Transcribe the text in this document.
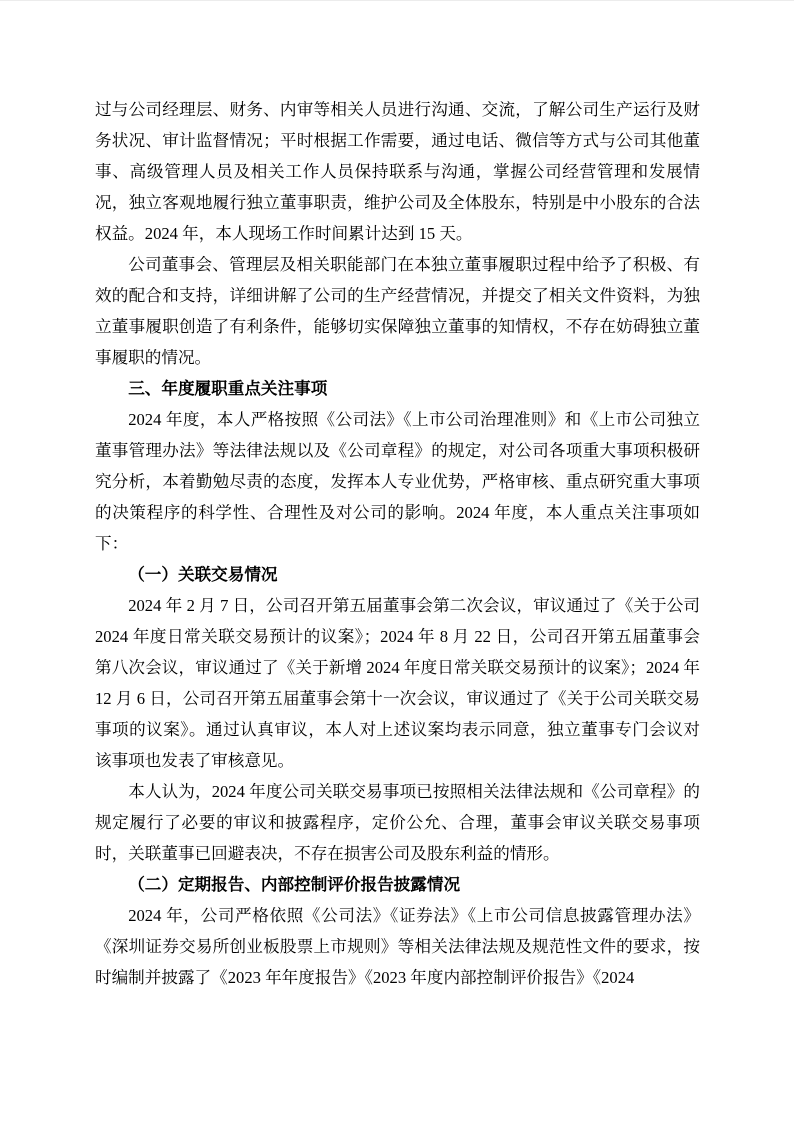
过与公司经理层、财务、内审等相关人员进行沟通、交流，了解公司生产运行及财务状况、审计监督情况；平时根据工作需要，通过电话、微信等方式与公司其他董事、高级管理人员及相关工作人员保持联系与沟通，掌握公司经营管理和发展情况，独立客观地履行独立董事职责，维护公司及全体股东，特别是中小股东的合法权益。2024 年，本人现场工作时间累计达到 15 天。

公司董事会、管理层及相关职能部门在本独立董事履职过程中给予了积极、有效的配合和支持，详细讲解了公司的生产经营情况，并提交了相关文件资料，为独立董事履职创造了有利条件，能够切实保障独立董事的知情权，不存在妨碍独立董事履职的情况。

三、年度履职重点关注事项

2024 年度，本人严格按照《公司法》《上市公司治理准则》和《上市公司独立董事管理办法》等法律法规以及《公司章程》的规定，对公司各项重大事项积极研究分析，本着勤勉尽责的态度，发挥本人专业优势，严格审核、重点研究重大事项的决策程序的科学性、合理性及对公司的影响。2024 年度，本人重点关注事项如下：

（一）关联交易情况

2024 年 2 月 7 日，公司召开第五届董事会第二次会议，审议通过了《关于公司 2024 年度日常关联交易预计的议案》；2024 年 8 月 22 日，公司召开第五届董事会第八次会议，审议通过了《关于新增 2024 年度日常关联交易预计的议案》；2024 年 12 月 6 日，公司召开第五届董事会第十一次会议，审议通过了《关于公司关联交易事项的议案》。通过认真审议，本人对上述议案均表示同意，独立董事专门会议对该事项也发表了审核意见。

本人认为，2024 年度公司关联交易事项已按照相关法律法规和《公司章程》的规定履行了必要的审议和披露程序，定价公允、合理，董事会审议关联交易事项时，关联董事已回避表决，不存在损害公司及股东利益的情形。

（二）定期报告、内部控制评价报告披露情况

2024 年，公司严格依照《公司法》《证券法》《上市公司信息披露管理办法》《深圳证券交易所创业板股票上市规则》等相关法律法规及规范性文件的要求，按时编制并披露了《2023 年年度报告》《2023 年度内部控制评价报告》《2024
